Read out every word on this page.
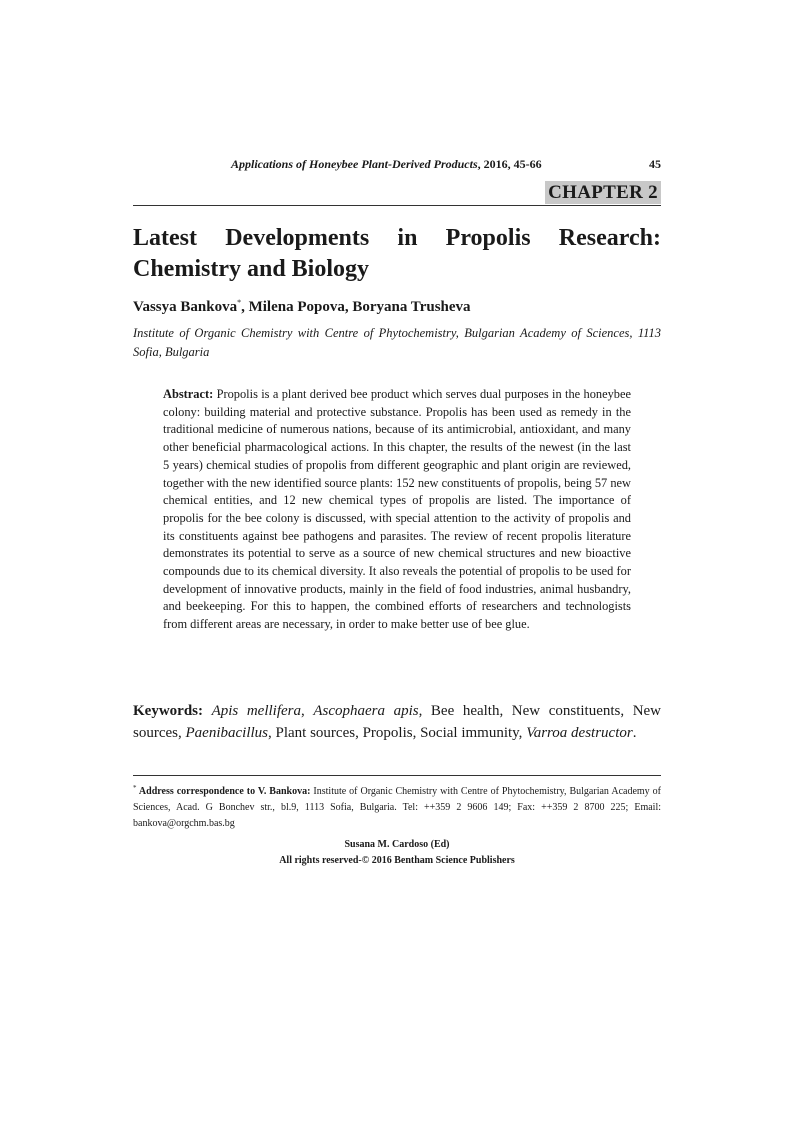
Applications of Honeybee Plant-Derived Products, 2016, 45-66	45
CHAPTER 2
Latest Developments in Propolis Research: Chemistry and Biology
Vassya Bankova*, Milena Popova, Boryana Trusheva
Institute of Organic Chemistry with Centre of Phytochemistry, Bulgarian Academy of Sciences, 1113 Sofia, Bulgaria
Abstract: Propolis is a plant derived bee product which serves dual purposes in the honeybee colony: building material and protective substance. Propolis has been used as remedy in the traditional medicine of numerous nations, because of its antimicrobial, antioxidant, and many other beneficial pharmacological actions. In this chapter, the results of the newest (in the last 5 years) chemical studies of propolis from different geographic and plant origin are reviewed, together with the new identified source plants: 152 new constituents of propolis, being 57 new chemical entities, and 12 new chemical types of propolis are listed. The importance of propolis for the bee colony is discussed, with special attention to the activity of propolis and its constituents against bee pathogens and parasites. The review of recent propolis literature demonstrates its potential to serve as a source of new chemical structures and new bioactive compounds due to its chemical diversity. It also reveals the potential of propolis to be used for development of innovative products, mainly in the field of food industries, animal husbandry, and beekeeping. For this to happen, the combined efforts of researchers and technologists from different areas are necessary, in order to make better use of bee glue.
Keywords: Apis mellifera, Ascophaera apis, Bee health, New constituents, New sources, Paenibacillus, Plant sources, Propolis, Social immunity, Varroa destructor.
* Address correspondence to V. Bankova: Institute of Organic Chemistry with Centre of Phytochemistry, Bulgarian Academy of Sciences, Acad. G Bonchev str., bl.9, 1113 Sofia, Bulgaria. Tel: ++359 2 9606 149; Fax: ++359 2 8700 225; Email: bankova@orgchm.bas.bg
Susana M. Cardoso (Ed)
All rights reserved-© 2016 Bentham Science Publishers
